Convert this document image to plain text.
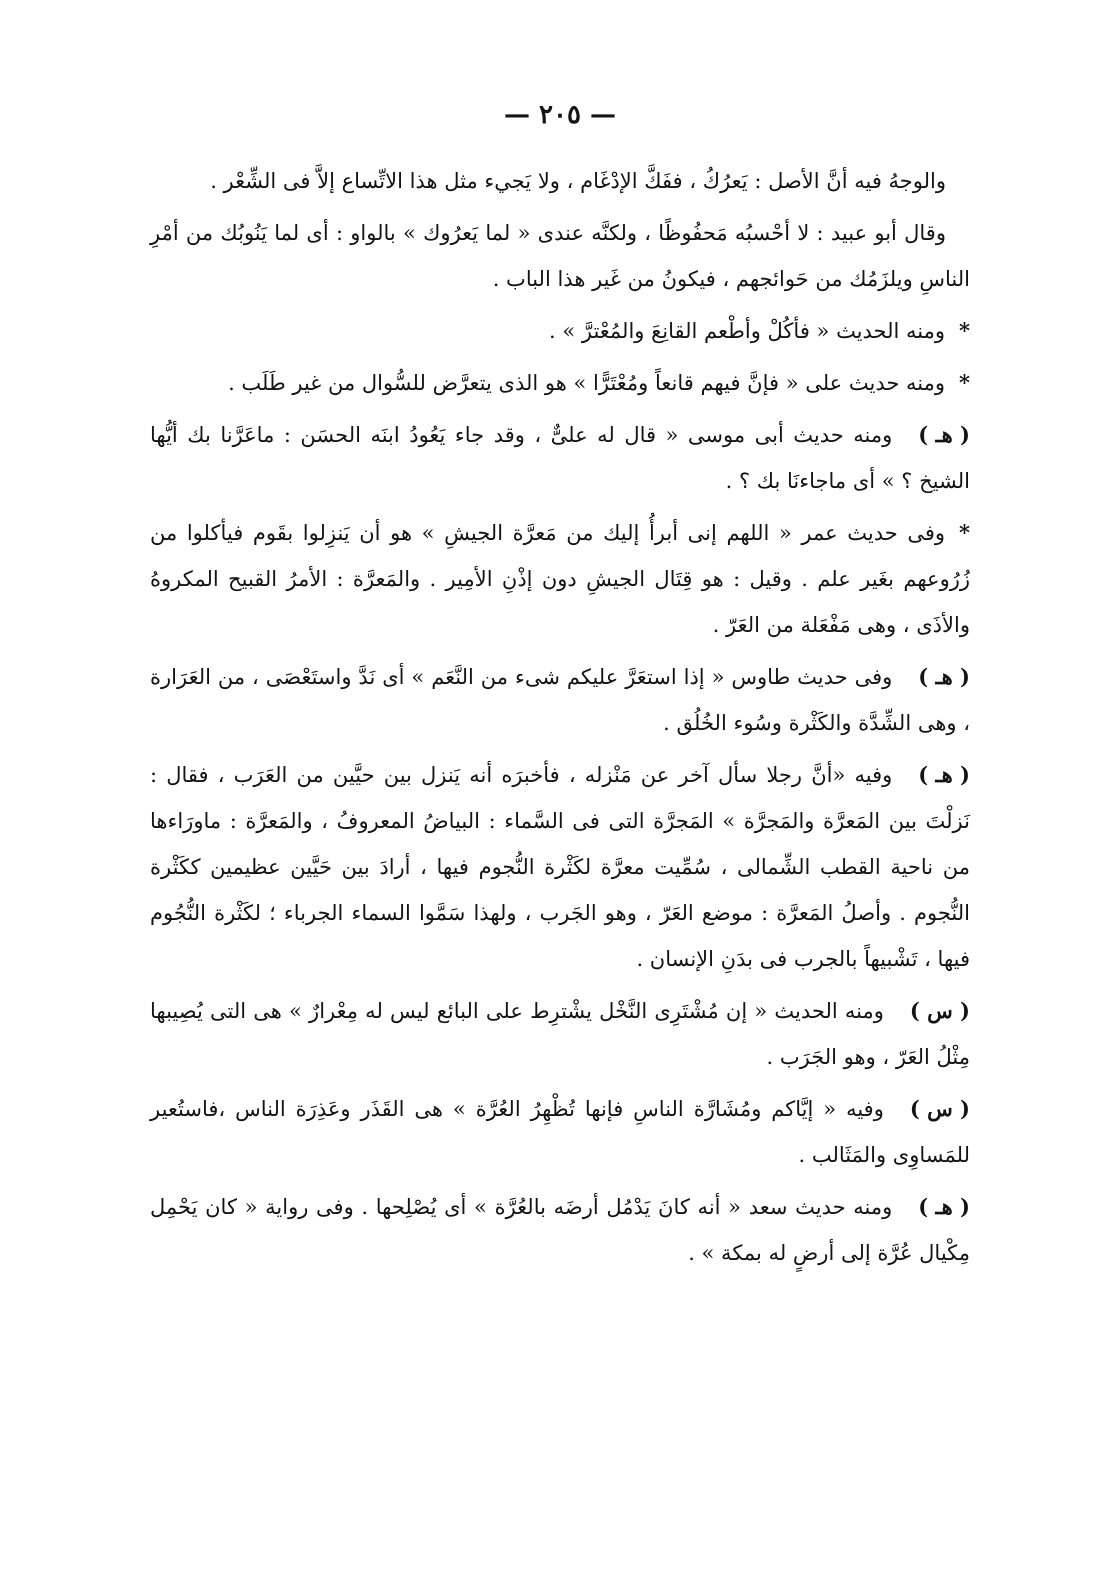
— ٢٠٥ —

والوجهُ فيه أنَّ الأصل : يَعرُكُ ، ففَكَّ الإدْغَام ، ولا يَجيء مثل هذا الاتِّساع إلاَّ فى الشِّعْر .

وقال أبو عبيد : لا أحْسبُه مَحفُوظًا ، ولكنَّه عندى « لما يَعرُوك » بالواو : أى لما يَنُوبُك من أمْرِ الناسِ ويلزَمُك من حَوائجهم ، فيكونُ من غَير هذا الباب .

*ومنه الحديث « فأكُلْ وأطْعم القانِعَ والمُعْترَّ » .

*ومنه حديث على « فإنَّ فيهم قانعاً ومُعْتَرًّا » هو الذى يتعرَّض للسُّوال من غير طَلَب .

( هـ )ومنه حديث أبى موسى « قال له علىٌّ ، وقد جاء يَعُودُ ابنَه الحسَن : ماعَرَّنا بك أيُّها الشيخ ؟ » أى ماجاءنَا بك ؟ .

*وفى حديث عمر « اللهم إنى أبرأُ إليك من مَعرَّة الجيشِ » هو أن يَنزِلوا بقَوم فيأكلوا من زُرُوعهم بغَير علم . وقيل : هو قِتَال الجيشِ دون إذْنِ الأمِير . والمَعرَّة : الأمرُ القبيح المكروهُ والأذَى ، وهى مَفْعَلة من العَرّ .

( هـ )وفى حديث طاوس « إذا استعَرَّ عليكم شىء من النَّعَم » أى نَدَّ واستَعْصَى ، من العَرَارة ، وهى الشِّدَّة والكَثْرة وسُوء الخُلُق .

( هـ )وفيه «أنَّ رجلا سأل آخر عن مَنْزله ، فأخبرَه أنه يَنزل بين حيَّين من العَرَب ، فقال : نَزلْتَ بين المَعرَّة والمَجرَّة » المَجرَّة التى فى السَّماء : البياضُ المعروفُ ، والمَعرَّة : ماورَاءها من ناحية القطب الشِّمالى ، سُمِّيت معرَّة لكَثْرة النُّجوم فيها ، أرادَ بين حَيَّين عظيمين ككَثْرة النُّجوم . وأصلُ المَعرَّة : موضع العَرّ ، وهو الجَرب ، ولهذا سَمَّوا السماء الجرباء ؛ لكَثْرة النُّجُوم فيها ، تَشْبيهاً بالجرب فى بدَنِ الإنسان .

( س )ومنه الحديث « إن مُشْتَرِى النَّخْل يشْترِط على البائع ليس له مِعْرارٌ » هى التى يُصِيبها مِثْلُ العَرّ ، وهو الجَرَب .

( س )وفيه « إيَّاكم ومُشَارَّة الناسِ فإنها تُظْهِرُ العُرَّة » هى القَذَر وعَذِرَة الناس ،فاستُعير للمَساوِى والمَثَالب .

( هـ )ومنه حديث سعد « أنه كانَ يَدْمُل أرضَه بالعُرَّة » أى يُصْلِحها . وفى رواية « كان يَحْمِل مِكْيال عُرَّة إلى أرضٍ له بمكة » .
